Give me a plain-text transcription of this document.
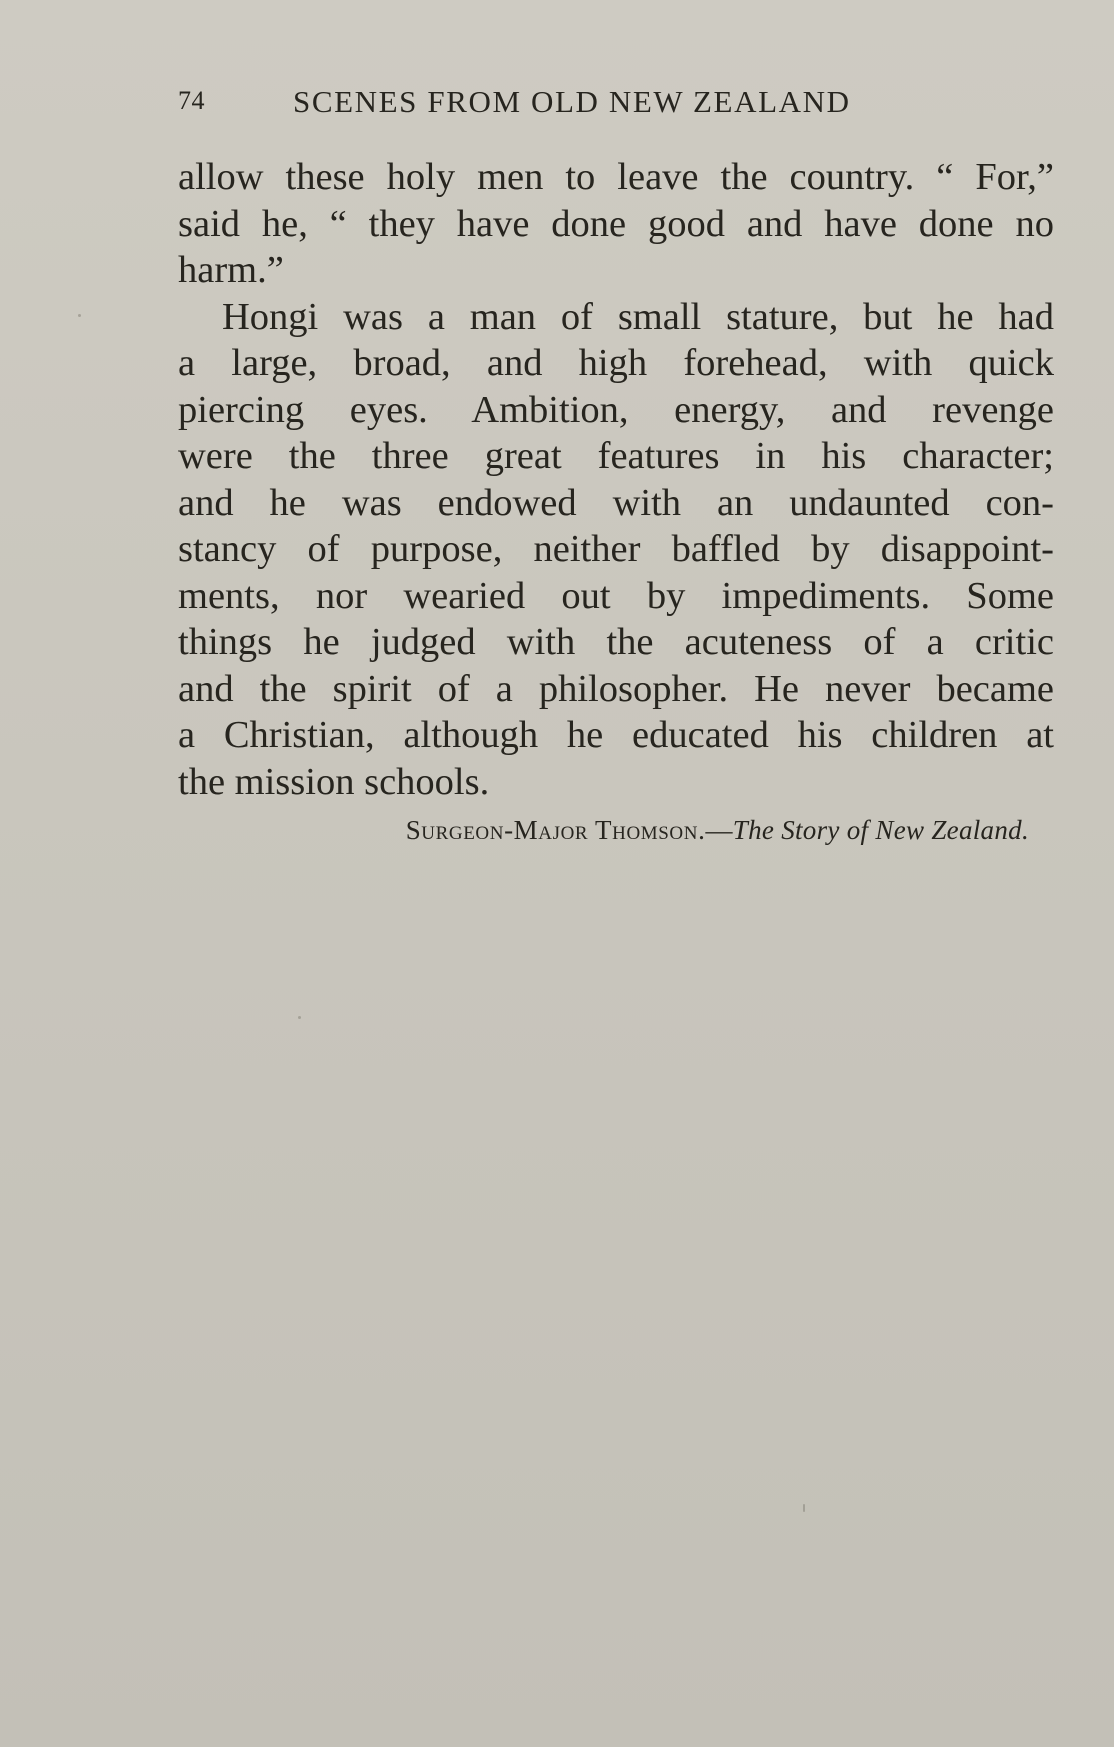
74	SCENES FROM OLD NEW ZEALAND
allow these holy men to leave the country. “ For,”
said he, “ they have done good and have done no
harm.”
Hongi was a man of small stature, but he had
a large, broad, and high forehead, with quick
piercing eyes. Ambition, energy, and revenge
were the three great features in his character;
and he was endowed with an undaunted con-
stancy of purpose, neither baffled by disappoint-
ments, nor wearied out by impediments. Some
things he judged with the acuteness of a critic
and the spirit of a philosopher. He never became
a Christian, although he educated his children at
the mission schools.
Surgeon-Major Thomson.—The Story of New Zealand.
